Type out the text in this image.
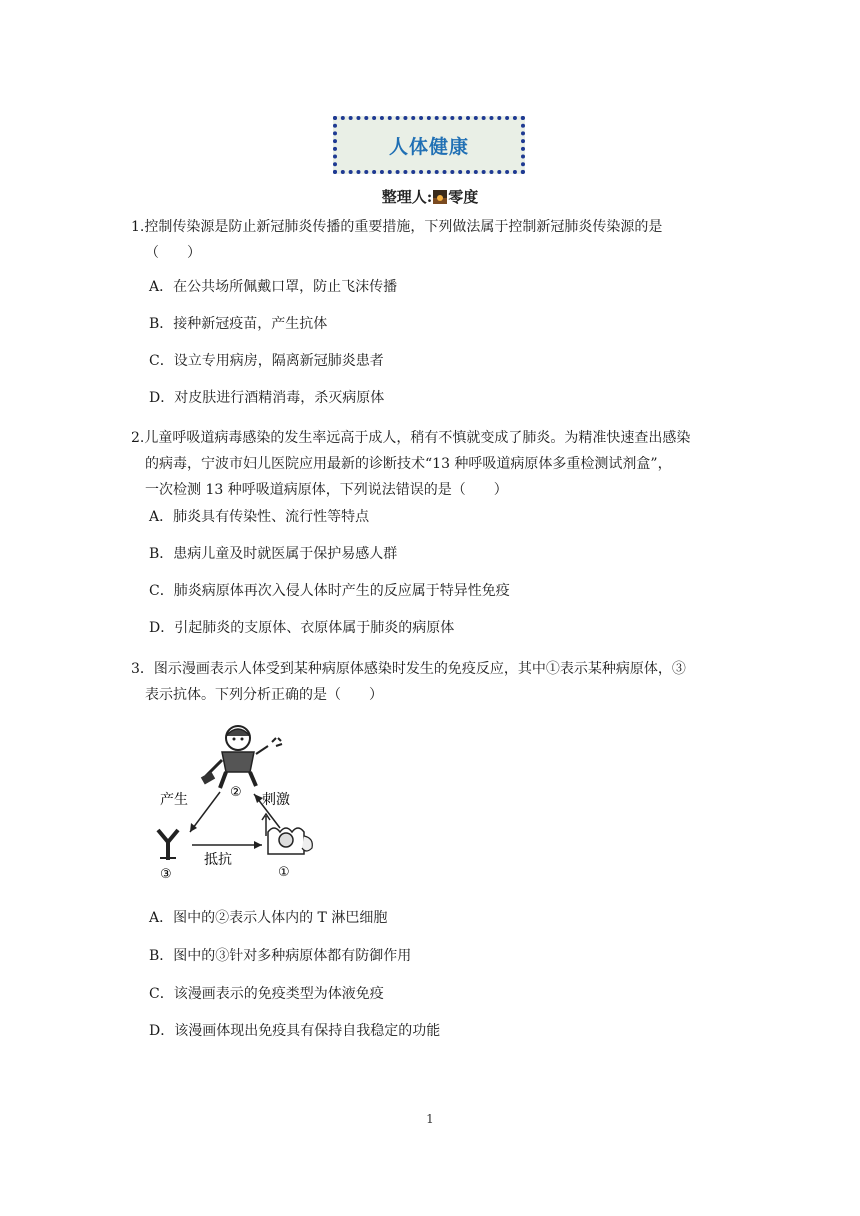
人体健康
整理人: 零度
1.控制传染源是防止新冠肺炎传播的重要措施，下列做法属于控制新冠肺炎传染源的是
（　　）
A．在公共场所佩戴口罩，防止飞沫传播
B．接种新冠疫苗，产生抗体
C．设立专用病房，隔离新冠肺炎患者
D．对皮肤进行酒精消毒，杀灭病原体
2.儿童呼吸道病毒感染的发生率远高于成人，稍有不慎就变成了肺炎。为精准快速查出感染
的病毒，宁波市妇儿医院应用最新的诊断技术“13 种呼吸道病原体多重检测试剂盒”，
一次检测 13 种呼吸道病原体，下列说法错误的是（　　）
A．肺炎具有传染性、流行性等特点
B．患病儿童及时就医属于保护易感人群
C．肺炎病原体再次入侵人体时产生的反应属于特异性免疫
D．引起肺炎的支原体、衣原体属于肺炎的病原体
3．图示漫画表示人体受到某种病原体感染时发生的免疫反应，其中①表示某种病原体，③
表示抗体。下列分析正确的是（　　）
②
产生	刺激
抵抗
③	①
A．图中的②表示人体内的 T 淋巴细胞
B．图中的③针对多种病原体都有防御作用
C．该漫画表示的免疫类型为体液免疫
D．该漫画体现出免疫具有保持自我稳定的功能
1
